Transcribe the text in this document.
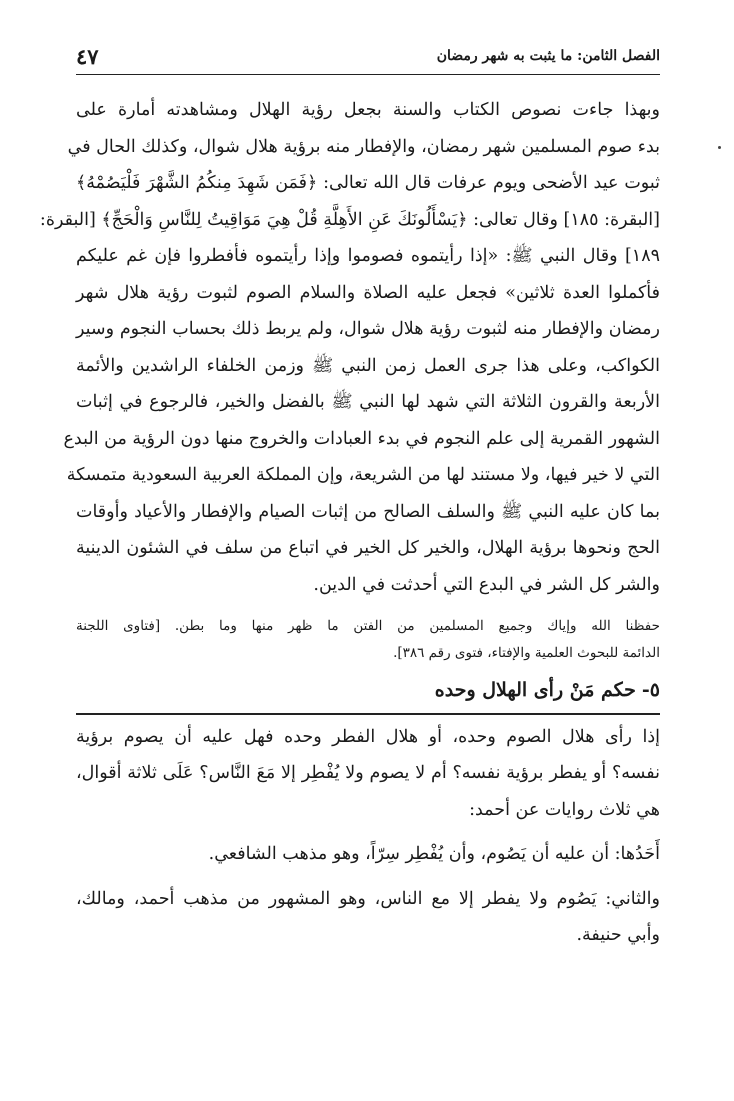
٤٧	الفصل الثامن: ما يثبت به شهر رمضان
وبهذا جاءت نصوص الكتاب والسنة بجعل رؤية الهلال ومشاهدته أمارة على
بدء صوم المسلمين شهر رمضان، والإفطار منه برؤية هلال شوال، وكذلك الحال في
ثبوت عيد الأضحى ويوم عرفات قال الله تعالى: ﴿فَمَن شَهِدَ مِنكُمُ الشَّهْرَ فَلْيَصُمْهُ﴾
[البقرة: ١٨٥] وقال تعالى: ﴿يَسْأَلُونَكَ عَنِ الأَهِلَّةِ قُلْ هِيَ مَوَاقِيتُ لِلنَّاسِ وَالْحَجِّ﴾ [البقرة:
١٨٩] وقال النبي ﷺ: «إذا رأيتموه فصوموا وإذا رأيتموه فأفطروا فإن غم عليكم
فأكملوا العدة ثلاثين» فجعل عليه الصلاة والسلام الصوم لثبوت رؤية هلال شهر
رمضان والإفطار منه لثبوت رؤية هلال شوال، ولم يربط ذلك بحساب النجوم وسير
الكواكب، وعلى هذا جرى العمل زمن النبي ﷺ وزمن الخلفاء الراشدين والأئمة
الأربعة والقرون الثلاثة التي شهد لها النبي ﷺ بالفضل والخير، فالرجوع في إثبات
الشهور القمرية إلى علم النجوم في بدء العبادات والخروج منها دون الرؤية من البدع
التي لا خير فيها، ولا مستند لها من الشريعة، وإن المملكة العربية السعودية متمسكة
بما كان عليه النبي ﷺ والسلف الصالح من إثبات الصيام والإفطار والأعياد وأوقات
الحج ونحوها برؤية الهلال، والخير كل الخير في اتباع من سلف في الشئون الدينية
والشر كل الشر في البدع التي أحدثت في الدين.
حفظنا الله وإياك وجميع المسلمين من الفتن ما ظهر منها وما بطن. [فتاوى اللجنة
الدائمة للبحوث العلمية والإفتاء، فتوى رقم ٣٨٦].
٥-حكم مَنْ رأى الهلال وحده
إذا رأى هلال الصوم وحده، أو هلال الفطر وحده فهل عليه أن يصوم برؤية
نفسه؟ أو يفطر برؤية نفسه؟ أم لا يصوم ولا يُفْطِر إلا مَعَ النَّاس؟ عَلَى ثلاثة أقوال،
هي ثلاث روايات عن أحمد:
أَحَدُها: أن عليه أن يَصُوم، وأن يُفْطِر سِرّاً، وهو مذهب الشافعي.
والثاني: يَصُوم ولا يفطر إلا مع الناس، وهو المشهور من مذهب أحمد، ومالك،
وأبي حنيفة.
